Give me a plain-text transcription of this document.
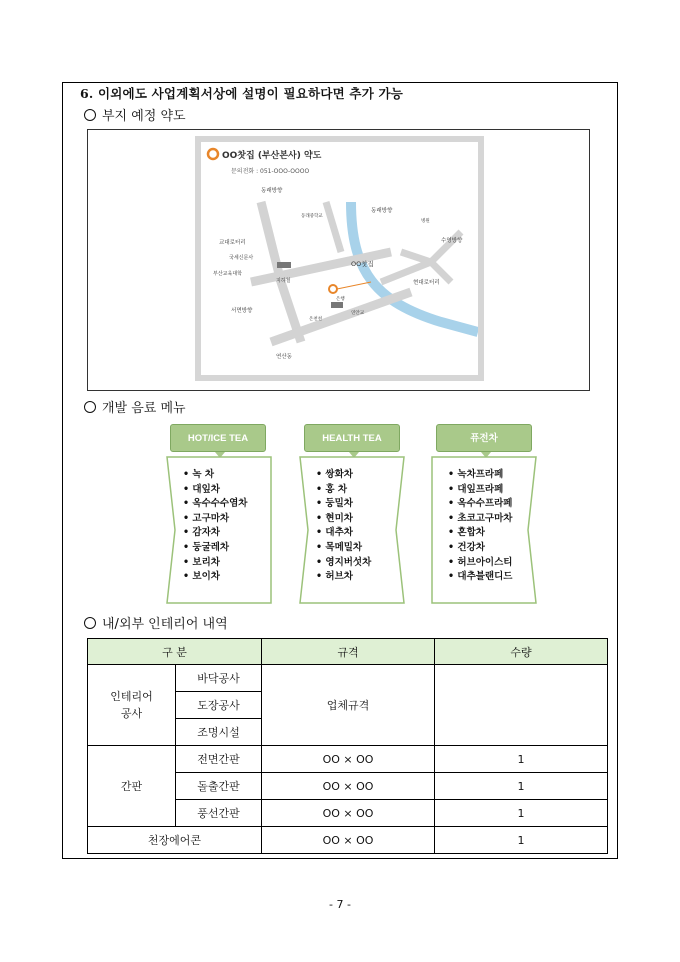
6. 이외에도 사업계획서상에 설명이 필요하다면 추가 가능
부지 예정 약도
OO찻집 (부산본사) 약도
문의전화 : 051-OOO-OOOO
동래방향
동래방향
교대로터리
국세신문사
부산교육대학
서면방향
지하철
수영방향
현대로터리
연산동
OO찻집
온천천
은행
병원
연안교
동래중학교
개발 음료 메뉴
HOT/ICE TEA	HEALTH TEA	퓨전차
• 녹 차
• 대잎차
• 옥수수수염차
• 고구마차
• 감자차
• 둥굴레차
• 보리차
• 보이차
• 쌍화차
• 홍 차
• 둥밀차
• 현미차
• 대추차
• 목메밀차
• 영지버섯차
• 허브차
• 녹차프라페
• 대잎프라페
• 옥수수프라페
• 초코고구마차
• 혼합차
• 건강차
• 허브아이스티
• 대추블랜디드
내/외부 인테리어 내역
구 분		규격	수량
인테리어
공사	바닥공사	업체규격	
	도장공사		
	조명시설		
간판	전면간판	OO × OO	1
	돌출간판	OO × OO	1
	풍선간판	OO × OO	1
천장에어콘		OO × OO	1
- 7 -
